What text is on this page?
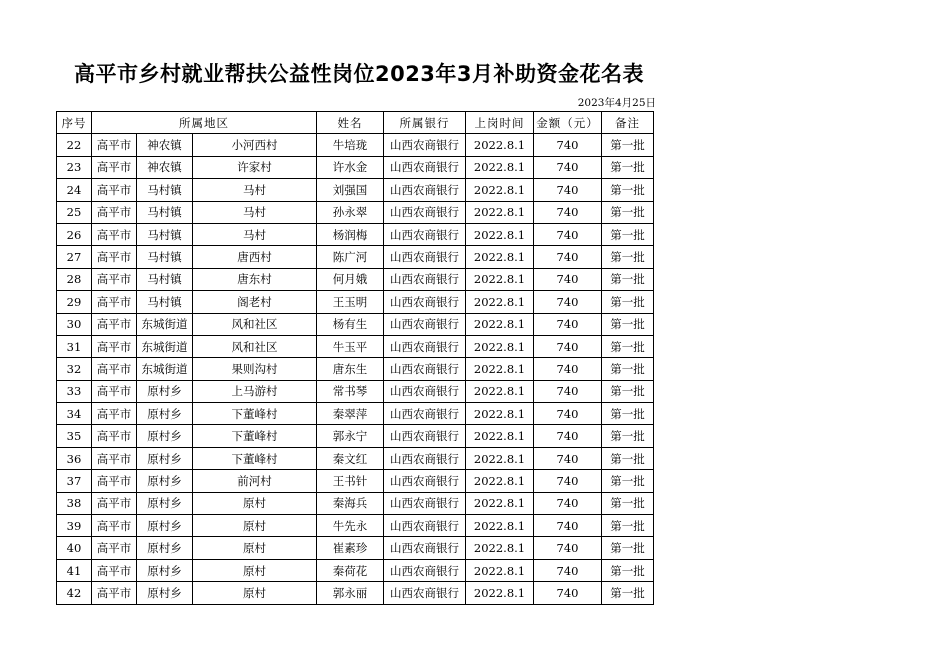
高平市乡村就业帮扶公益性岗位2023年3月补助资金花名表
2023年4月25日
序号	所属地区			姓名	所属银行	上岗时间	金额（元）	备注
22	高平市	神农镇	小河西村	牛培珑	山西农商银行	2022.8.1	740	第一批
23	高平市	神农镇	许家村	许水金	山西农商银行	2022.8.1	740	第一批
24	高平市	马村镇	马村	刘强国	山西农商银行	2022.8.1	740	第一批
25	高平市	马村镇	马村	孙永翠	山西农商银行	2022.8.1	740	第一批
26	高平市	马村镇	马村	杨润梅	山西农商银行	2022.8.1	740	第一批
27	高平市	马村镇	唐西村	陈广河	山西农商银行	2022.8.1	740	第一批
28	高平市	马村镇	唐东村	何月娥	山西农商银行	2022.8.1	740	第一批
29	高平市	马村镇	阁老村	王玉明	山西农商银行	2022.8.1	740	第一批
30	高平市	东城街道	风和社区	杨有生	山西农商银行	2022.8.1	740	第一批
31	高平市	东城街道	风和社区	牛玉平	山西农商银行	2022.8.1	740	第一批
32	高平市	东城街道	果则沟村	唐东生	山西农商银行	2022.8.1	740	第一批
33	高平市	原村乡	上马游村	常书琴	山西农商银行	2022.8.1	740	第一批
34	高平市	原村乡	下董峰村	秦翠萍	山西农商银行	2022.8.1	740	第一批
35	高平市	原村乡	下董峰村	郭永宁	山西农商银行	2022.8.1	740	第一批
36	高平市	原村乡	下董峰村	秦文红	山西农商银行	2022.8.1	740	第一批
37	高平市	原村乡	前河村	王书针	山西农商银行	2022.8.1	740	第一批
38	高平市	原村乡	原村	秦海兵	山西农商银行	2022.8.1	740	第一批
39	高平市	原村乡	原村	牛先永	山西农商银行	2022.8.1	740	第一批
40	高平市	原村乡	原村	崔素珍	山西农商银行	2022.8.1	740	第一批
41	高平市	原村乡	原村	秦荷花	山西农商银行	2022.8.1	740	第一批
42	高平市	原村乡	原村	郭永丽	山西农商银行	2022.8.1	740	第一批
